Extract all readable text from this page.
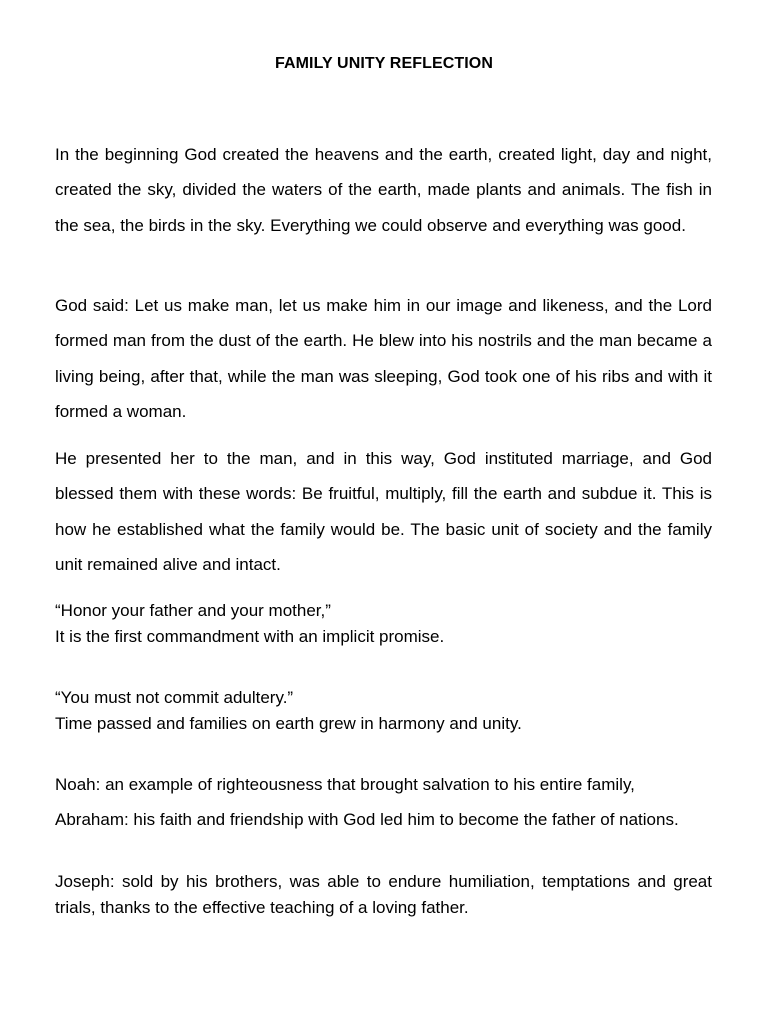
FAMILY UNITY REFLECTION

In the beginning God created the heavens and the earth, created light, day and night, created the sky, divided the waters of the earth, made plants and animals. The fish in the sea, the birds in the sky. Everything we could observe and everything was good.

God said: Let us make man, let us make him in our image and likeness, and the Lord formed man from the dust of the earth. He blew into his nostrils and the man became a living being, after that, while the man was sleeping, God took one of his ribs and with it formed a woman.

He presented her to the man, and in this way, God instituted marriage, and God blessed them with these words: Be fruitful, multiply, fill the earth and subdue it. This is how he established what the family would be. The basic unit of society and the family unit remained alive and intact.

“Honor your father and your mother,”
It is the first commandment with an implicit promise.
“You must not commit adultery.”
Time passed and families on earth grew in harmony and unity.
Noah: an example of righteousness that brought salvation to his entire family,
Abraham: his faith and friendship with God led him to become the father of nations.
Joseph: sold by his brothers, was able to endure humiliation, temptations and great trials, thanks to the effective teaching of a loving father.
